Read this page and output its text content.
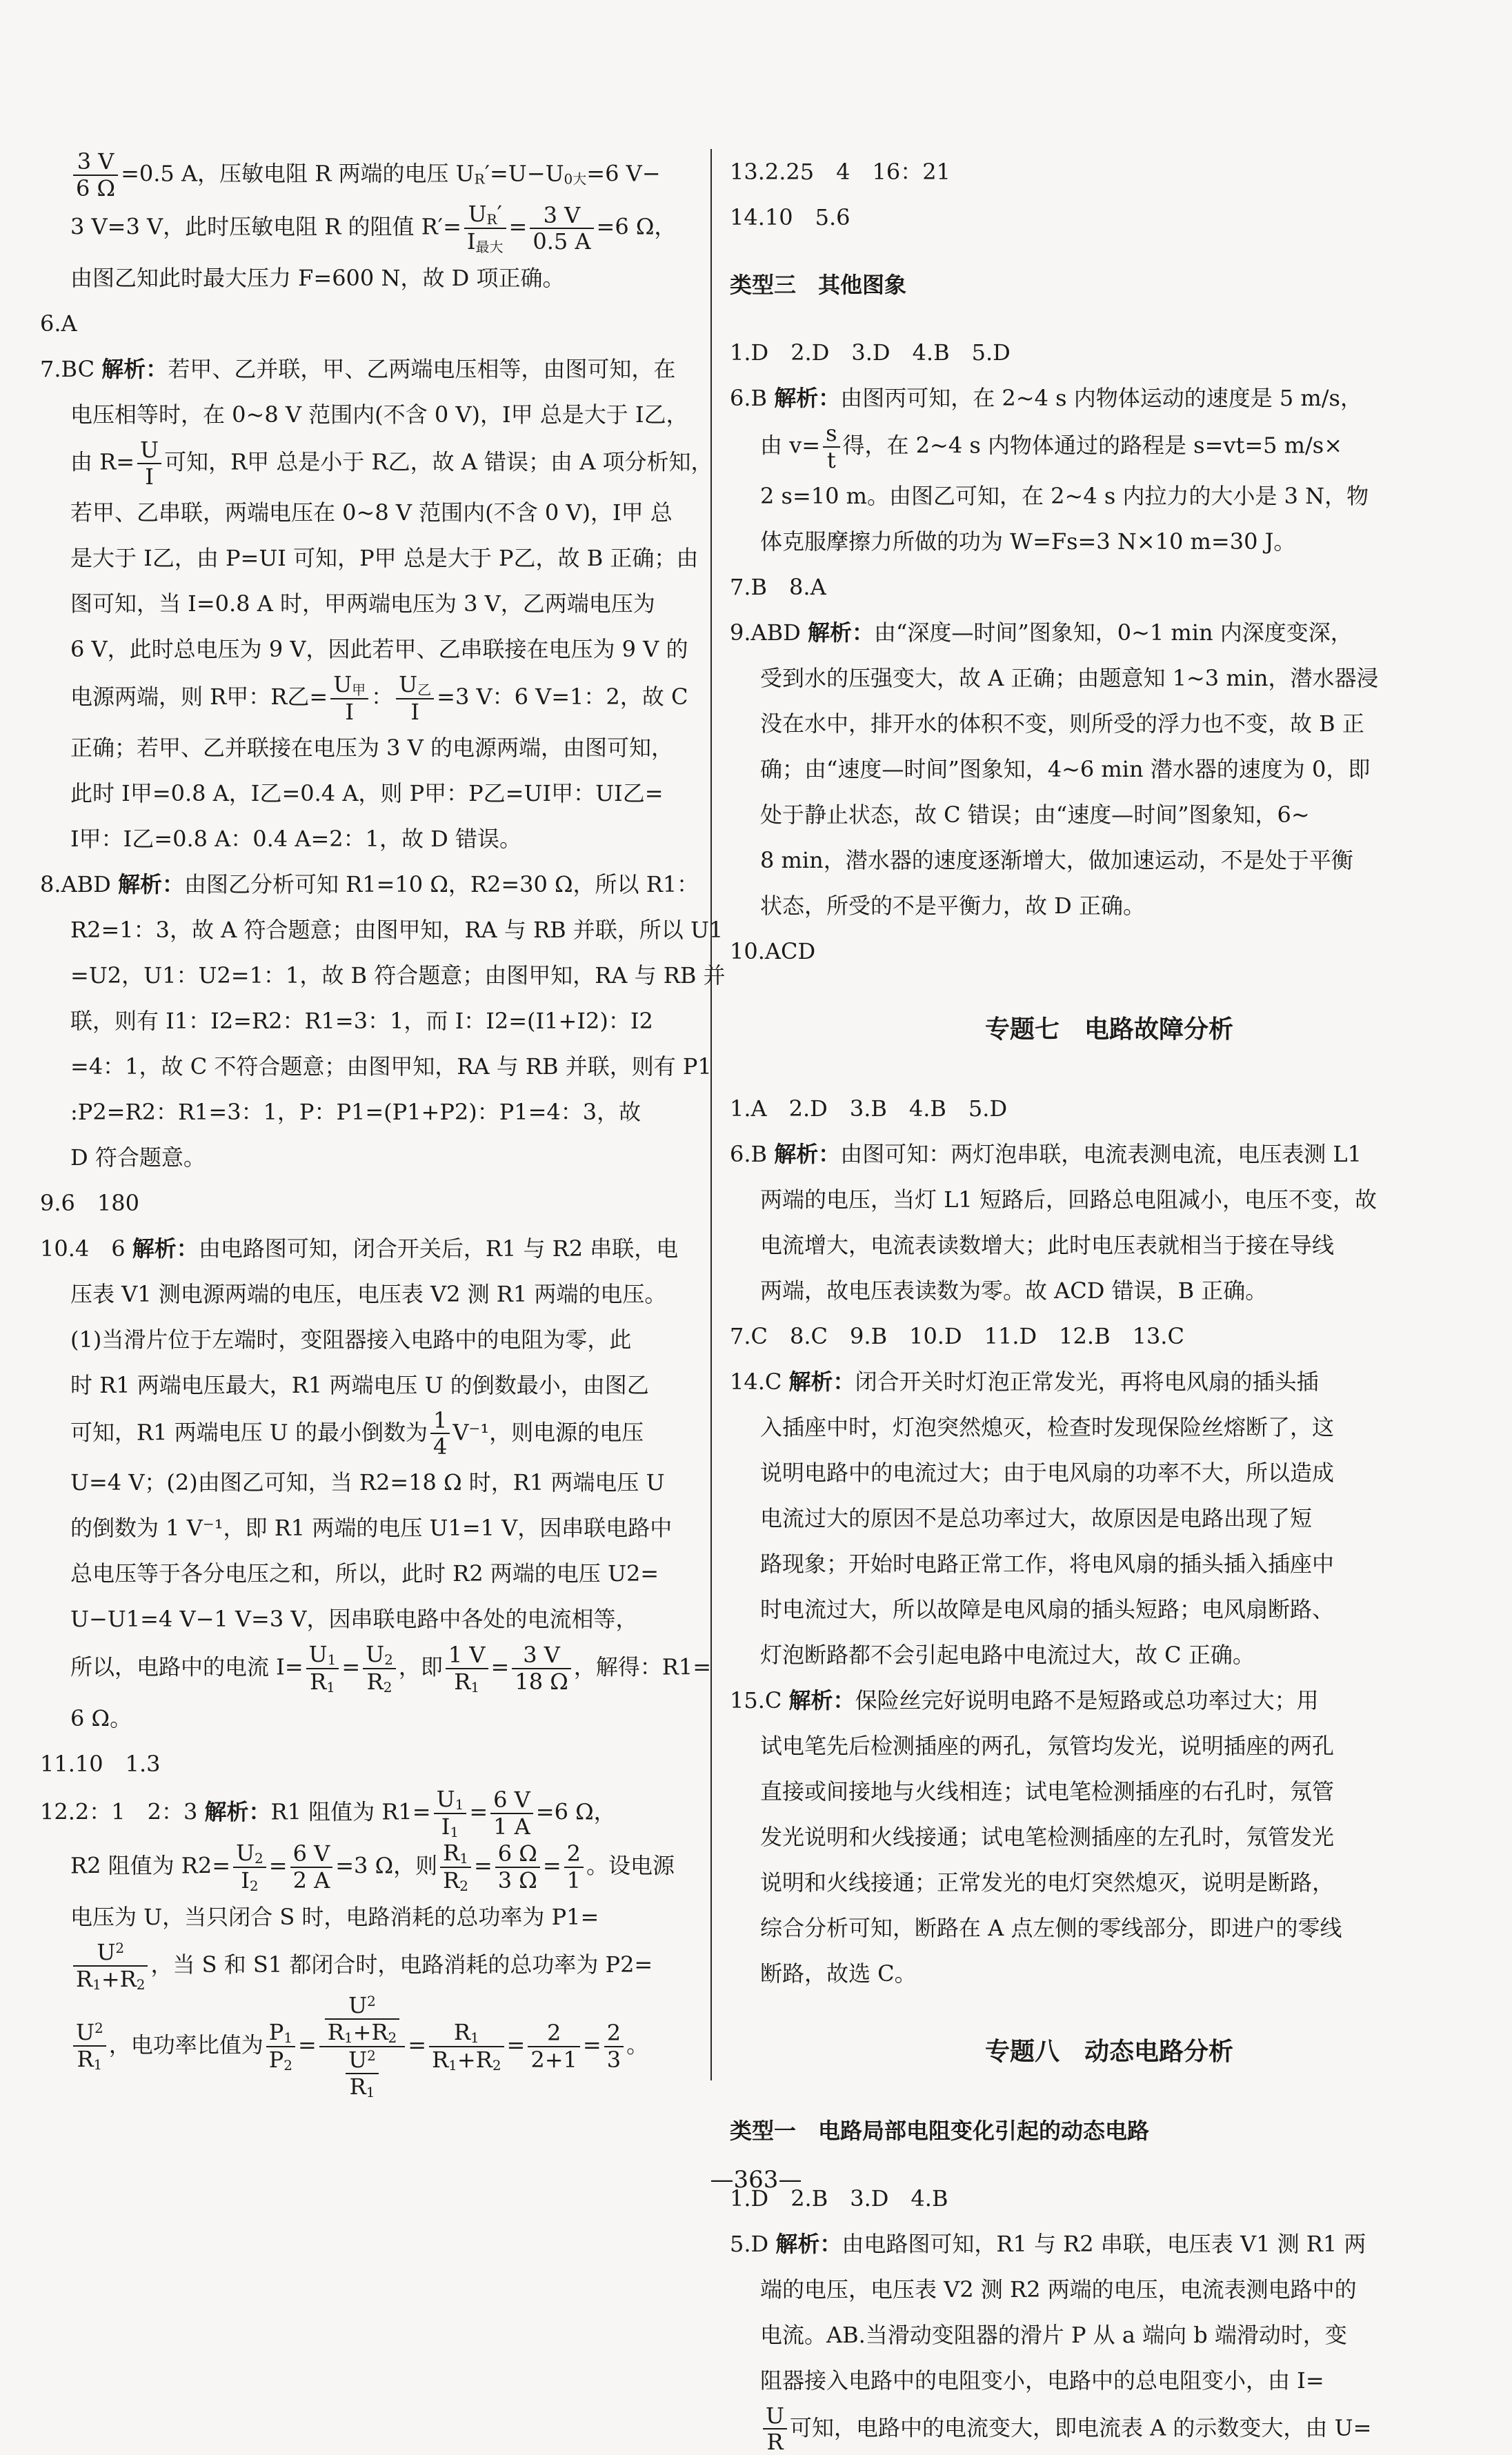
$\frac{3 V}{6 \Omega} =0.5$ A，压敏电阻 R 两端的电压 $U_R'=U-U_{0大}=6$ V−

3 V=3 V，此时压敏电阻 R 的阻值 $R'= \frac{U_R'}{I_{最大}} = \frac{3 V}{0.5 A} =6$ Ω，

由图乙知此时最大压力 F=600 N，故 D 项正确。

6.A

7.BC 解析：若甲、乙并联，甲、乙两端电压相等，由图可知，在

电压相等时，在 0~8 V 范围内(不含 0 V)，I甲 总是大于 I乙，

由 $R= \frac{U}{I}$ 可知，R甲 总是小于 R乙，故 A 错误；由 A 项分析知，

若甲、乙串联，两端电压在 0~8 V 范围内(不含 0 V)，I甲 总

是大于 I乙，由 P=UI 可知，P甲 总是大于 P乙，故 B 正确；由

图可知，当 I=0.8 A 时，甲两端电压为 3 V，乙两端电压为

6 V，此时总电压为 9 V，因此若甲、乙串联接在电压为 9 V 的

电源两端，则 R甲：R乙= $\frac{U_甲}{I}$ ： $\frac{U_乙}{I} =3$ V：6 V=1：2，故 C

正确；若甲、乙并联接在电压为 3 V 的电源两端，由图可知，

此时 I甲=0.8 A，I乙=0.4 A，则 P甲：P乙=UI甲：UI乙=

I甲：I乙=0.8 A：0.4 A=2：1，故 D 错误。

8.ABD 解析：由图乙分析可知 R1=10 Ω，R2=30 Ω，所以 R1：

R2=1：3，故 A 符合题意；由图甲知，RA 与 RB 并联，所以 U1

=U2，U1：U2=1：1，故 B 符合题意；由图甲知，RA 与 RB 并

联，则有 I1：I2=R2：R1=3：1，而 I：I2=(I1+I2)：I2

=4：1，故 C 不符合题意；由图甲知，RA 与 RB 并联，则有 P1

:P2=R2：R1=3：1，P：P1=(P1+P2)：P1=4：3，故

D 符合题意。

9.6　180

10.4　6 解析：由电路图可知，闭合开关后，R1 与 R2 串联，电

压表 V1 测电源两端的电压，电压表 V2 测 R1 两端的电压。

(1)当滑片位于左端时，变阻器接入电路中的电阻为零，此

时 R1 两端电压最大，R1 两端电压 U 的倒数最小，由图乙

可知，R1 两端电压 U 的最小倒数为 $\frac{1}{4} V^{-1}$，则电源的电压

U=4 V；(2)由图乙可知，当 R2=18 Ω 时，R1 两端电压 U

的倒数为 1 V⁻¹，即 R1 两端的电压 U1=1 V，因串联电路中

总电压等于各分电压之和，所以，此时 R2 两端的电压 U2=

U−U1=4 V−1 V=3 V，因串联电路中各处的电流相等，

所以，电路中的电流 $I= \frac{U_1}{R_1} = \frac{U_2}{R_2}$ ，即 $\frac{1 V}{R_1} = \frac{3 V}{18 \Omega}$ ，解得：R1=

6 Ω。

11.10　1.3

12.2：1　2：3 解析：R1 阻值为 $R1= \frac{U_1}{I_1} = \frac{6 V}{1 A} =6$ Ω，

R2 阻值为 $R2= \frac{U_2}{I_2} = \frac{6 V}{2 A} =3$ Ω，则 $\frac{R_1}{R_2} = \frac{6 \Omega}{3 \Omega} = \frac{2}{1}$ 。设电源

电压为 U，当只闭合 S 时，电路消耗的总功率为 P1=

$\frac{U^2}{R_1+R_2}$ ，当 S 和 S1 都闭合时，电路消耗的总功率为 P2=

$\frac{U^2}{R_1}$ ，电功率比值为 $\frac{P_1}{P_2} = \frac{\frac{U^2}{R_1+R_2}}{\frac{U^2}{R_1}} = \frac{R_1}{R_1+R_2} = \frac{2}{2+1} = \frac{2}{3}$ 。

13.2.25　4　16：21

14.10　5.6

类型三　其他图象

1.D　2.D　3.D　4.B　5.D

6.B 解析：由图丙可知，在 2~4 s 内物体运动的速度是 5 m/s，

由 $v= \frac{s}{t}$ 得，在 2~4 s 内物体通过的路程是 s=vt=5 m/s×

2 s=10 m。由图乙可知，在 2~4 s 内拉力的大小是 3 N，物

体克服摩擦力所做的功为 W=Fs=3 N×10 m=30 J。

7.B　8.A

9.ABD 解析：由“深度—时间”图象知，0~1 min 内深度变深，

受到水的压强变大，故 A 正确；由题意知 1~3 min，潜水器浸

没在水中，排开水的体积不变，则所受的浮力也不变，故 B 正

确；由“速度—时间”图象知，4~6 min 潜水器的速度为 0，即

处于静止状态，故 C 错误；由“速度—时间”图象知，6~

8 min，潜水器的速度逐渐增大，做加速运动，不是处于平衡

状态，所受的不是平衡力，故 D 正确。

10.ACD

专题七　电路故障分析

1.A　2.D　3.B　4.B　5.D

6.B 解析：由图可知：两灯泡串联，电流表测电流，电压表测 L1

两端的电压，当灯 L1 短路后，回路总电阻减小，电压不变，故

电流增大，电流表读数增大；此时电压表就相当于接在导线

两端，故电压表读数为零。故 ACD 错误，B 正确。

7.C　8.C　9.B　10.D　11.D　12.B　13.C

14.C 解析：闭合开关时灯泡正常发光，再将电风扇的插头插

入插座中时，灯泡突然熄灭，检查时发现保险丝熔断了，这

说明电路中的电流过大；由于电风扇的功率不大，所以造成

电流过大的原因不是总功率过大，故原因是电路出现了短

路现象；开始时电路正常工作，将电风扇的插头插入插座中

时电流过大，所以故障是电风扇的插头短路；电风扇断路、

灯泡断路都不会引起电路中电流过大，故 C 正确。

15.C 解析：保险丝完好说明电路不是短路或总功率过大；用

试电笔先后检测插座的两孔，氖管均发光，说明插座的两孔

直接或间接地与火线相连；试电笔检测插座的右孔时，氖管

发光说明和火线接通；试电笔检测插座的左孔时，氖管发光

说明和火线接通；正常发光的电灯突然熄灭，说明是断路，

综合分析可知，断路在 A 点左侧的零线部分，即进户的零线

断路，故选 C。

专题八　动态电路分析

类型一　电路局部电阻变化引起的动态电路

1.D　2.B　3.D　4.B

5.D 解析：由电路图可知，R1 与 R2 串联，电压表 V1 测 R1 两

端的电压，电压表 V2 测 R2 两端的电压，电流表测电路中的

电流。AB.当滑动变阻器的滑片 P 从 a 端向 b 端滑动时，变

阻器接入电路中的电阻变小，电路中的总电阻变小，由 I=

$\frac{U}{R}$ 可知，电路中的电流变大，即电流表 A 的示数变大，由 U=

—363—
